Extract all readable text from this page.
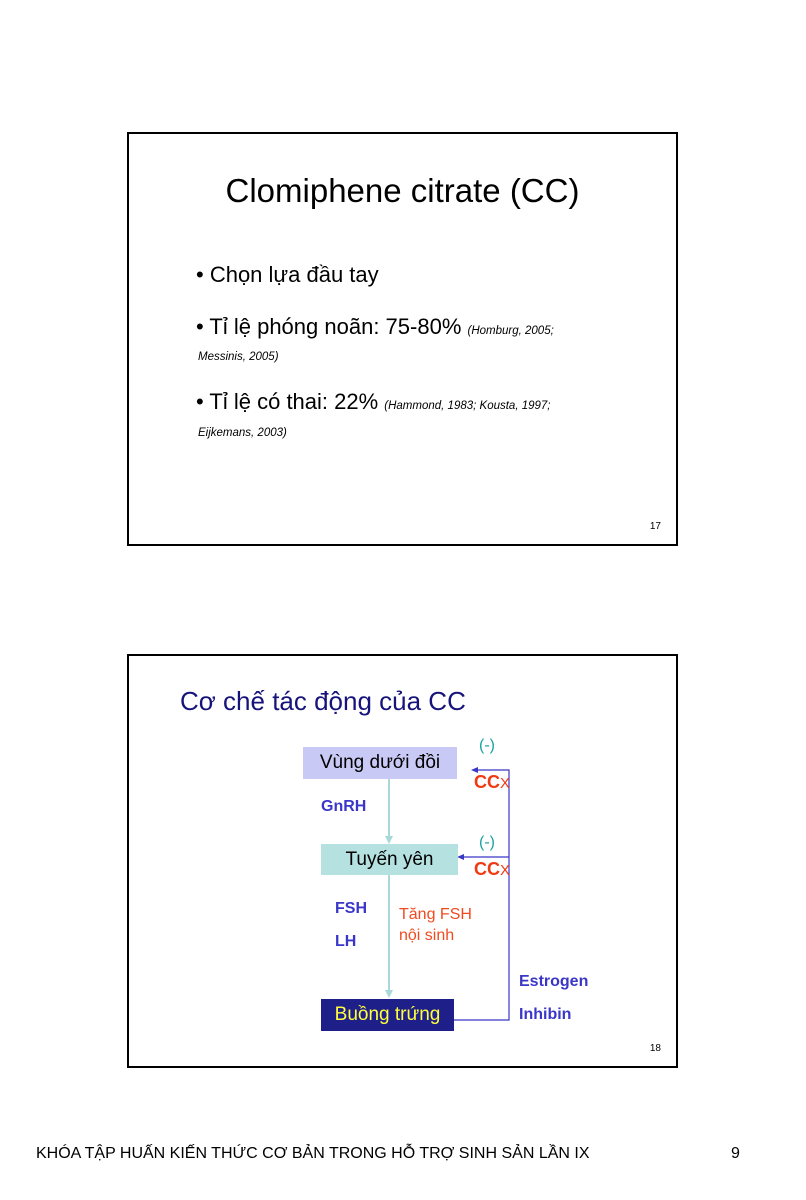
Clomiphene citrate (CC)
• Chọn lựa đầu tay
• Tỉ lệ phóng noãn: 75-80% (Homburg, 2005;
Messinis, 2005)
• Tỉ lệ có thai: 22% (Hammond, 1983; Kousta, 1997;
Eijkemans, 2003)
17
Cơ chế tác động của CC
Vùng dưới đồi
Tuyến yên
Buồng trứng
GnRH
FSH
LH
Tăng FSH
nội sinh
(-)
CCX
(-)
CCX
Estrogen
Inhibin
18
KHÓA TẬP HUẤN KIẾN THỨC CƠ BẢN TRONG HỖ TRỢ SINH SẢN LẦN IX	9
